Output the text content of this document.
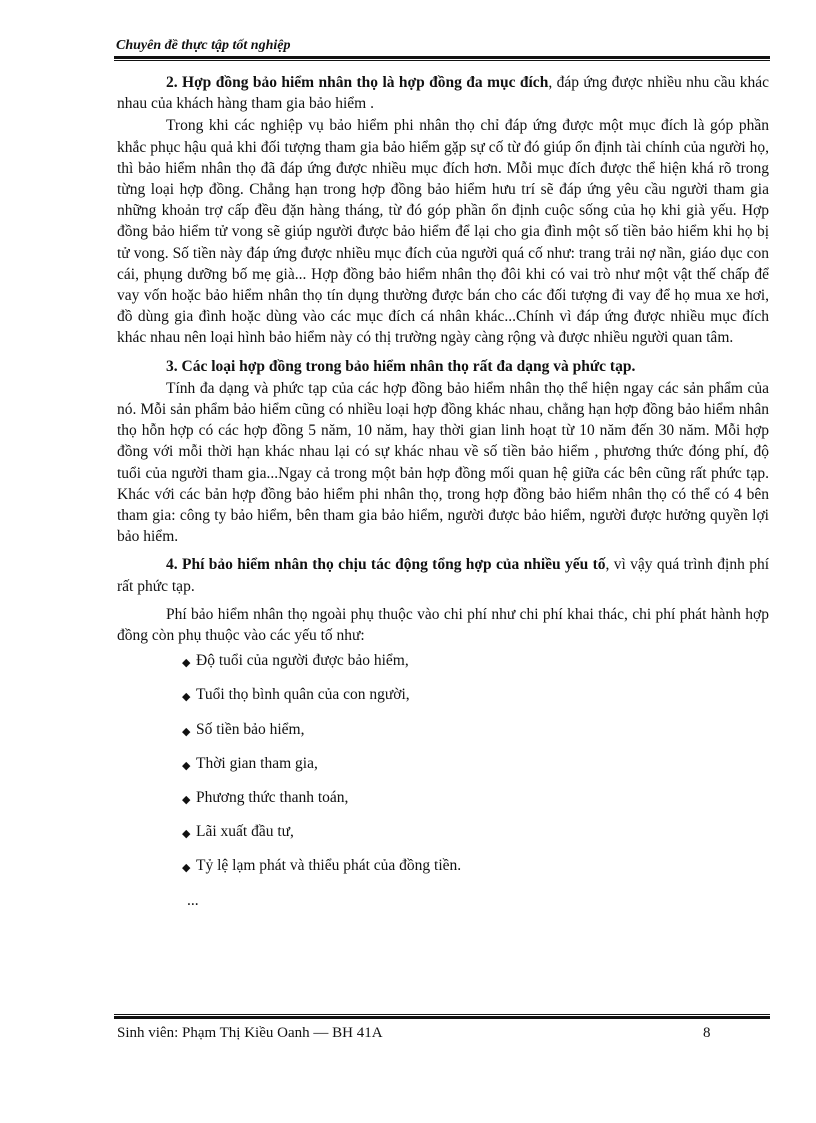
Chuyên đề thực tập tốt nghiệp

2. Hợp đồng bảo hiểm nhân thọ là hợp đồng đa mục đích, đáp ứng được nhiều nhu cầu khác nhau của khách hàng tham gia bảo hiểm .

Trong khi các nghiệp vụ bảo hiểm phi nhân thọ chỉ đáp ứng được một mục đích là góp phần khắc phục hậu quả khi đối tượng tham gia bảo hiểm gặp sự cố từ đó giúp ổn định tài chính của người họ, thì bảo hiểm nhân thọ đã đáp ứng được nhiều mục đích hơn. Mỗi mục đích được thể hiện khá rõ trong từng loại hợp đồng. Chẳng hạn trong hợp đồng bảo hiểm hưu trí sẽ đáp ứng yêu cầu người tham gia những khoản trợ cấp đều đặn hàng tháng, từ đó góp phần ổn định cuộc sống của họ khi già yếu. Hợp đồng bảo hiểm tử vong sẽ giúp người được bảo hiểm để lại cho gia đình một số tiền bảo hiểm khi họ bị tử vong. Số tiền này đáp ứng được nhiều mục đích của người quá cố như: trang trải nợ nần, giáo dục con cái, phụng dưỡng bố mẹ già... Hợp đồng bảo hiểm nhân thọ đôi khi có vai trò như một vật thế chấp để vay vốn hoặc bảo hiểm nhân thọ tín dụng thường được bán cho các đối tượng đi vay để họ mua xe hơi, đồ dùng gia đình hoặc dùng vào các mục đích cá nhân khác...Chính vì đáp ứng được nhiều mục đích khác nhau nên loại hình bảo hiểm này có thị trường ngày càng rộng và được nhiều người quan tâm.

3. Các loại hợp đồng trong bảo hiểm nhân thọ rất đa dạng và phức tạp.

Tính đa dạng và phức tạp của các hợp đồng bảo hiểm nhân thọ thể hiện ngay các sản phẩm của nó. Mỗi sản phẩm bảo hiểm cũng có nhiều loại hợp đồng khác nhau, chẳng hạn hợp đồng bảo hiểm nhân thọ hỗn hợp có các hợp đồng 5 năm, 10 năm, hay thời gian linh hoạt từ 10 năm đến 30 năm. Mỗi hợp đồng với mỗi thời hạn khác nhau lại có sự khác nhau về số tiền bảo hiểm , phương thức đóng phí, độ tuổi của người tham gia...Ngay cả trong một bản hợp đồng mối quan hệ giữa các bên cũng rất phức tạp. Khác với các bản hợp đồng bảo hiểm phi nhân thọ, trong hợp đồng bảo hiểm nhân thọ có thể có 4 bên tham gia: công ty bảo hiểm, bên tham gia bảo hiểm, người được bảo hiểm, người được hưởng quyền lợi bảo hiểm.

4. Phí bảo hiểm nhân thọ chịu tác động tổng hợp của nhiều yếu tố, vì vậy quá trình định phí rất phức tạp.

Phí bảo hiểm nhân thọ ngoài phụ thuộc vào chi phí như chi phí khai thác, chi phí phát hành hợp đồng còn phụ thuộc vào các yếu tố như:

◆ Độ tuổi của người được bảo hiểm,
◆ Tuổi thọ bình quân của con người,
◆ Số tiền bảo hiểm,
◆ Thời gian tham gia,
◆ Phương thức thanh toán,
◆ Lãi xuất đầu tư,
◆ Tỷ lệ lạm phát và thiểu phát của đồng tiền.
...
Sinh viên: Phạm Thị Kiều Oanh — BH 41A	8
